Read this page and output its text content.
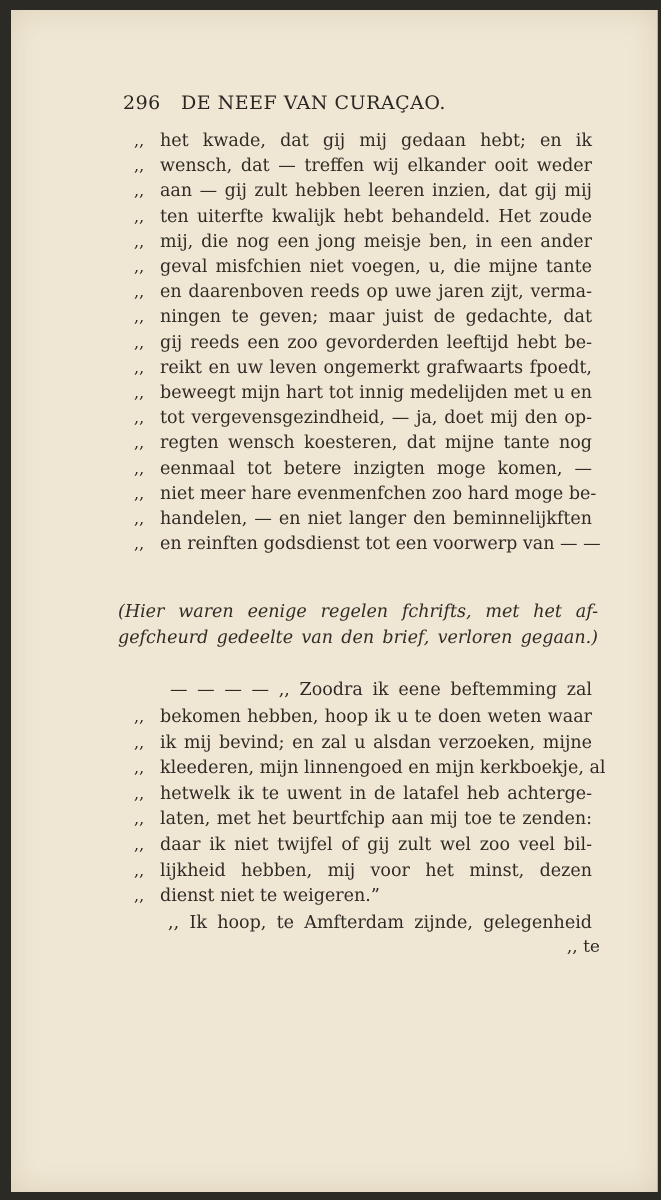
296 DE NEEF VAN CURAÇAO.
,, het kwade, dat gij mij gedaan hebt; en ik
,, wensch, dat — treffen wij elkander ooit weder
,, aan — gij zult hebben leeren inzien, dat gij mij
,, ten uiterfte kwalijk hebt behandeld. Het zoude
,, mij, die nog een jong meisje ben, in een ander
,, geval misfchien niet voegen, u, die mijne tante
,, en daarenboven reeds op uwe jaren zijt, verma-
,, ningen te geven; maar juist de gedachte, dat
,, gij reeds een zoo gevorderden leeftijd hebt be-
,, reikt en uw leven ongemerkt grafwaarts fpoedt,
,, beweegt mijn hart tot innig medelijden met u en
,, tot vergevensgezindheid, — ja, doet mij den op-
,, regten wensch koesteren, dat mijne tante nog
,, eenmaal tot betere inzigten moge komen, —
,, niet meer hare evenmenfchen zoo hard moge be-
,, handelen, — en niet langer den beminnelijkften
,, en reinften godsdienst tot een voorwerp van — —
(Hier waren eenige regelen fchrifts, met het af-
gefcheurd gedeelte van den brief, verloren gegaan.)
— — — — ,, Zoodra ik eene beftemming zal
,, bekomen hebben, hoop ik u te doen weten waar
,, ik mij bevind; en zal u alsdan verzoeken, mijne
,, kleederen, mijn linnengoed en mijn kerkboekje, al
,, hetwelk ik te uwent in de latafel heb achterge-
,, laten, met het beurtfchip aan mij toe te zenden:
,, daar ik niet twijfel of gij zult wel zoo veel bil-
,, lijkheid hebben, mij voor het minst, dezen
,, dienst niet te weigeren.”
,, Ik hoop, te Amfterdam zijnde, gelegenheid
,, te
